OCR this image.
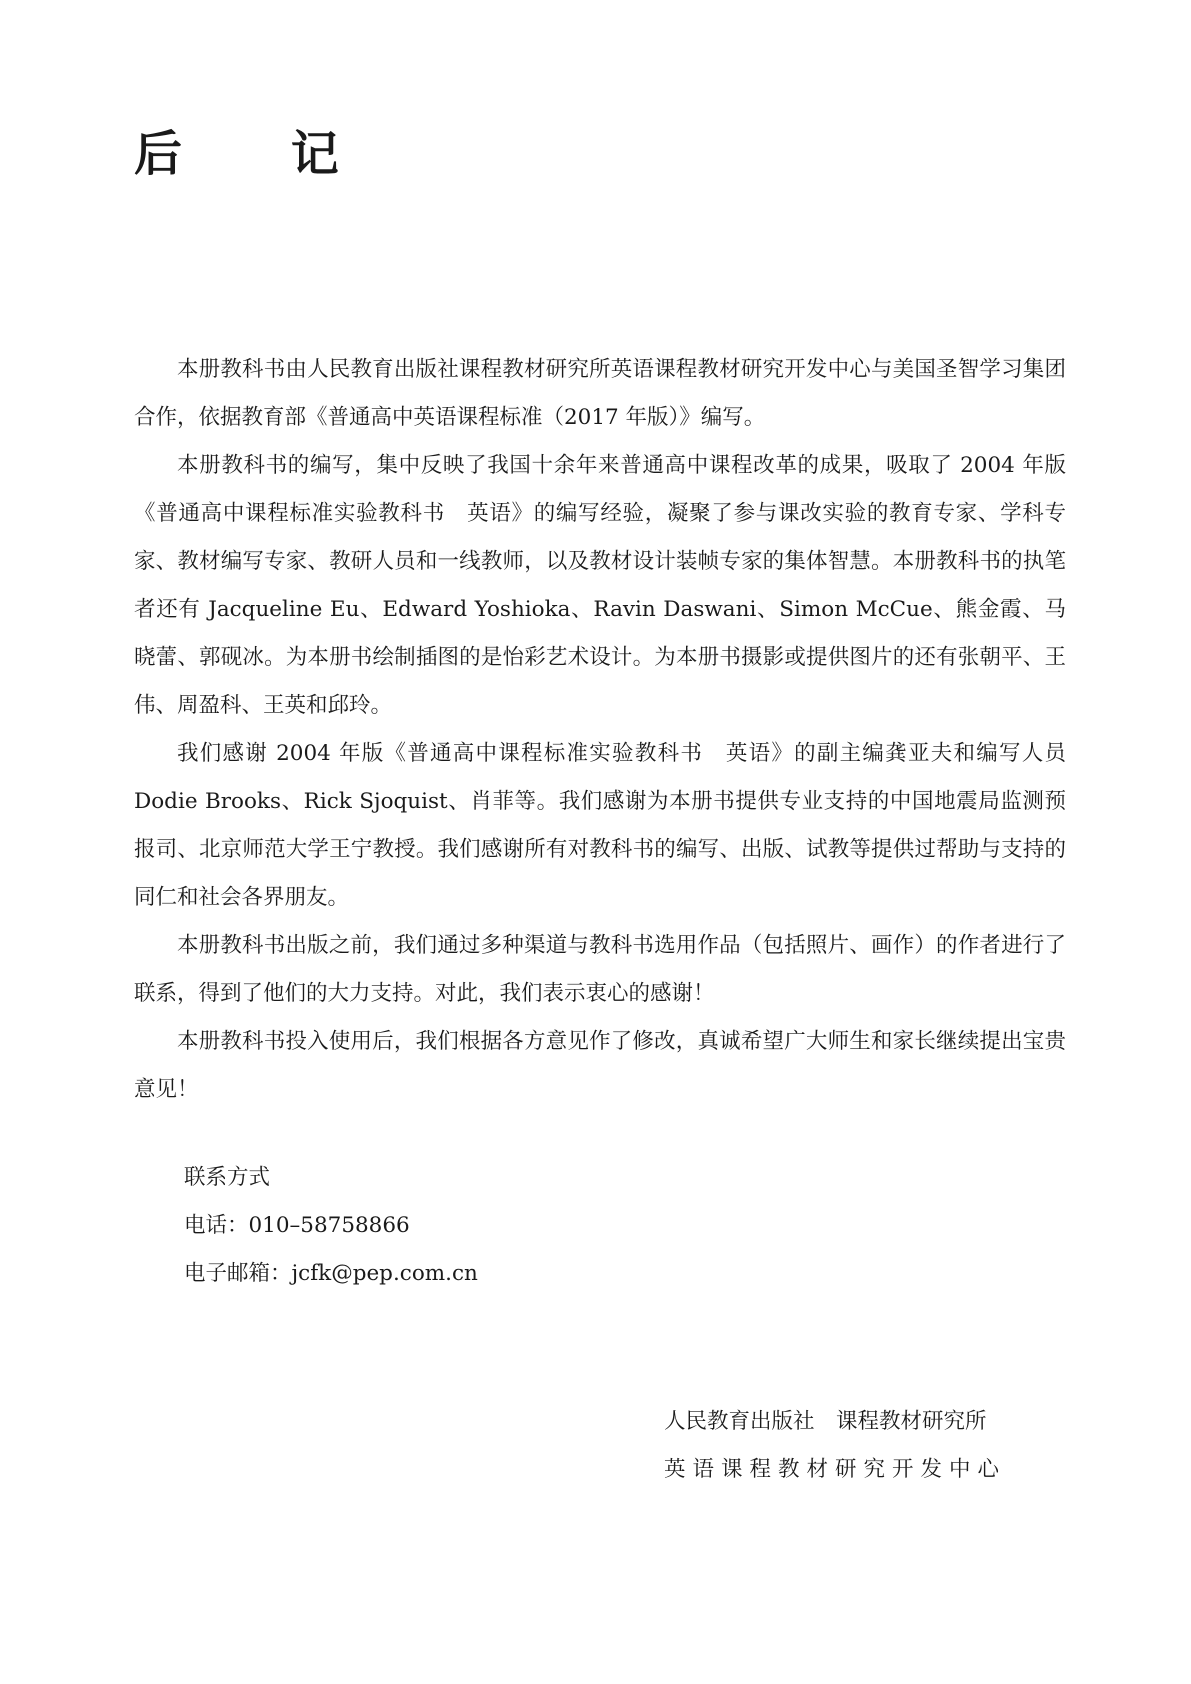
后 记

本册教科书由人民教育出版社课程教材研究所英语课程教材研究开发中心与美国圣智学习集团合作，依据教育部《普通高中英语课程标准（2017 年版）》编写。

本册教科书的编写，集中反映了我国十余年来普通高中课程改革的成果，吸取了 2004 年版《普通高中课程标准实验教科书　英语》的编写经验，凝聚了参与课改实验的教育专家、学科专家、教材编写专家、教研人员和一线教师，以及教材设计装帧专家的集体智慧。本册教科书的执笔者还有 Jacqueline Eu、Edward Yoshioka、Ravin Daswani、Simon McCue、熊金霞、马晓蕾、郭砚冰。为本册书绘制插图的是怡彩艺术设计。为本册书摄影或提供图片的还有张朝平、王伟、周盈科、王英和邱玲。

我们感谢 2004 年版《普通高中课程标准实验教科书　英语》的副主编龚亚夫和编写人员 Dodie Brooks、Rick Sjoquist、肖菲等。我们感谢为本册书提供专业支持的中国地震局监测预报司、北京师范大学王宁教授。我们感谢所有对教科书的编写、出版、试教等提供过帮助与支持的同仁和社会各界朋友。

本册教科书出版之前，我们通过多种渠道与教科书选用作品（包括照片、画作）的作者进行了联系，得到了他们的大力支持。对此，我们表示衷心的感谢！

本册教科书投入使用后，我们根据各方意见作了修改，真诚希望广大师生和家长继续提出宝贵意见！

联系方式
电话：010–58758866
电子邮箱：jcfk@pep.com.cn
人民教育出版社　课程教材研究所
英语课程教材研究开发中心
